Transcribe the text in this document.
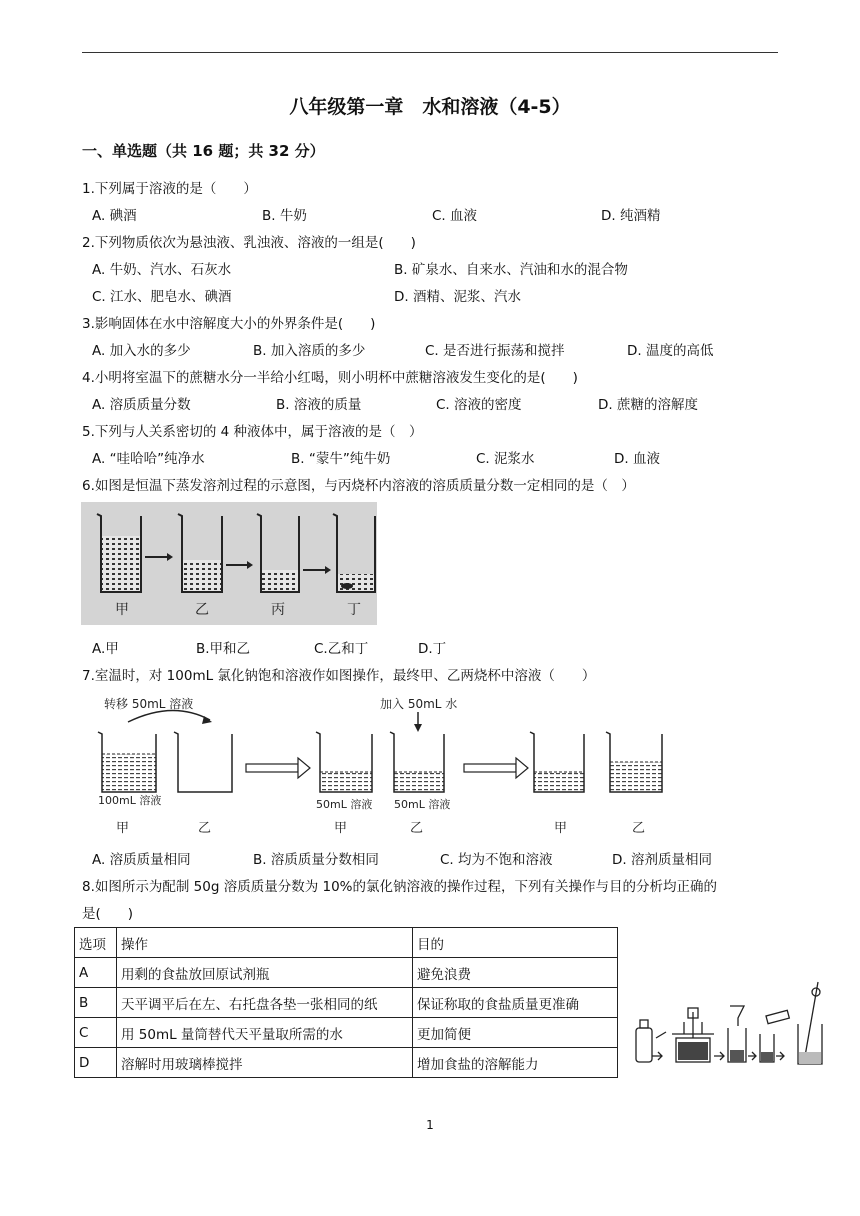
八年级第一章　水和溶液（4-5）
一、单选题（共 16 题；共 32 分）
1.下列属于溶液的是（　　）
A. 碘酒	B. 牛奶	C. 血液	D. 纯酒精
2.下列物质依次为悬浊液、乳浊液、溶液的一组是(　　)
A. 牛奶、汽水、石灰水	B. 矿泉水、自来水、汽油和水的混合物
C. 江水、肥皂水、碘酒	D. 酒精、泥浆、汽水
3.影响固体在水中溶解度大小的外界条件是(　　)
A. 加入水的多少	B. 加入溶质的多少	C. 是否进行振荡和搅拌	D. 温度的高低
4.小明将室温下的蔗糖水分一半给小红喝，则小明杯中蔗糖溶液发生变化的是(　　)
A. 溶质质量分数	B. 溶液的质量	C. 溶液的密度	D. 蔗糖的溶解度
5.下列与人关系密切的 4 种液体中，属于溶液的是（　）
A. “哇哈哈”纯净水	B. “蒙牛”纯牛奶	C. 泥浆水	D. 血液
6.如图是恒温下蒸发溶剂过程的示意图，与丙烧杯内溶液的溶质质量分数一定相同的是（　）
甲	乙	丙	丁
A.甲	B.甲和乙	C.乙和丁	D.丁
7.室温时，对 100mL 氯化钠饱和溶液作如图操作，最终甲、乙两烧杯中溶液（　　）
转移 50mL 溶液
100mL 溶液	50mL 溶液
加入 50mL 水
50mL 溶液
甲	乙	甲	乙	甲	乙
A. 溶质质量相同	B. 溶质质量分数相同	C. 均为不饱和溶液	D. 溶剂质量相同
8.如图所示为配制 50g 溶质质量分数为 10%的氯化钠溶液的操作过程，下列有关操作与目的分析均正确的
是(　　)
选项	操作	目的
A	用剩的食盐放回原试剂瓶	避免浪费
B	天平调平后在左、右托盘各垫一张相同的纸	保证称取的食盐质量更准确
C	用 50mL 量筒替代天平量取所需的水	更加简便
D	溶解时用玻璃棒搅拌	增加食盐的溶解能力
1
